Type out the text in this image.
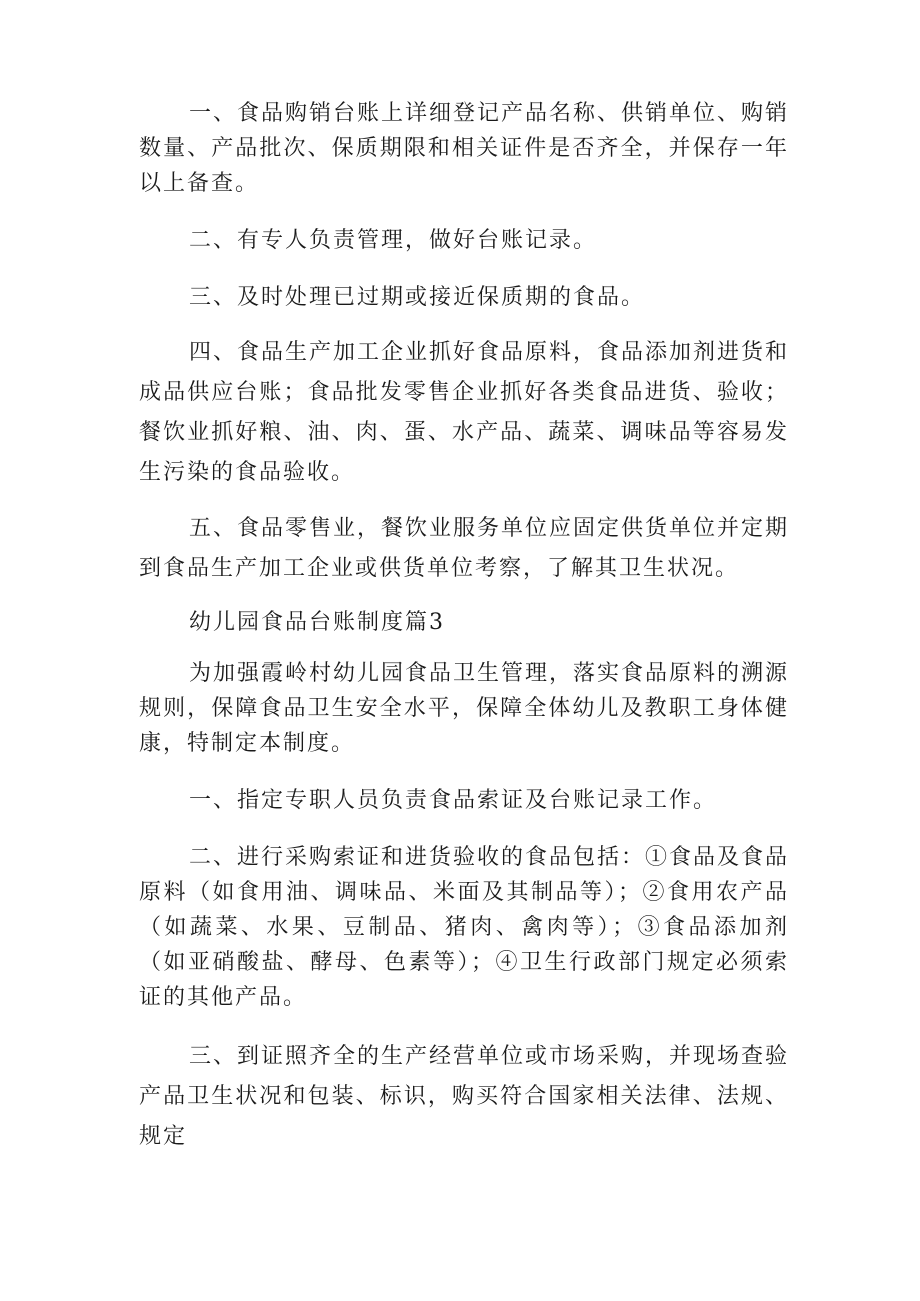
一、食品购销台账上详细登记产品名称、供销单位、购销数量、产品批次、保质期限和相关证件是否齐全，并保存一年以上备查。

二、有专人负责管理，做好台账记录。

三、及时处理已过期或接近保质期的食品。

四、食品生产加工企业抓好食品原料，食品添加剂进货和成品供应台账；食品批发零售企业抓好各类食品进货、验收；餐饮业抓好粮、油、肉、蛋、水产品、蔬菜、调味品等容易发生污染的食品验收。

五、食品零售业，餐饮业服务单位应固定供货单位并定期到食品生产加工企业或供货单位考察，了解其卫生状况。

幼儿园食品台账制度篇3

为加强霞岭村幼儿园食品卫生管理，落实食品原料的溯源规则，保障食品卫生安全水平，保障全体幼儿及教职工身体健康，特制定本制度。

一、指定专职人员负责食品索证及台账记录工作。

二、进行采购索证和进货验收的食品包括：①食品及食品原料（如食用油、调味品、米面及其制品等）；②食用农产品（如蔬菜、水果、豆制品、猪肉、禽肉等）；③食品添加剂（如亚硝酸盐、酵母、色素等）；④卫生行政部门规定必须索证的其他产品。

三、到证照齐全的生产经营单位或市场采购，并现场查验产品卫生状况和包装、标识，购买符合国家相关法律、法规、规定
